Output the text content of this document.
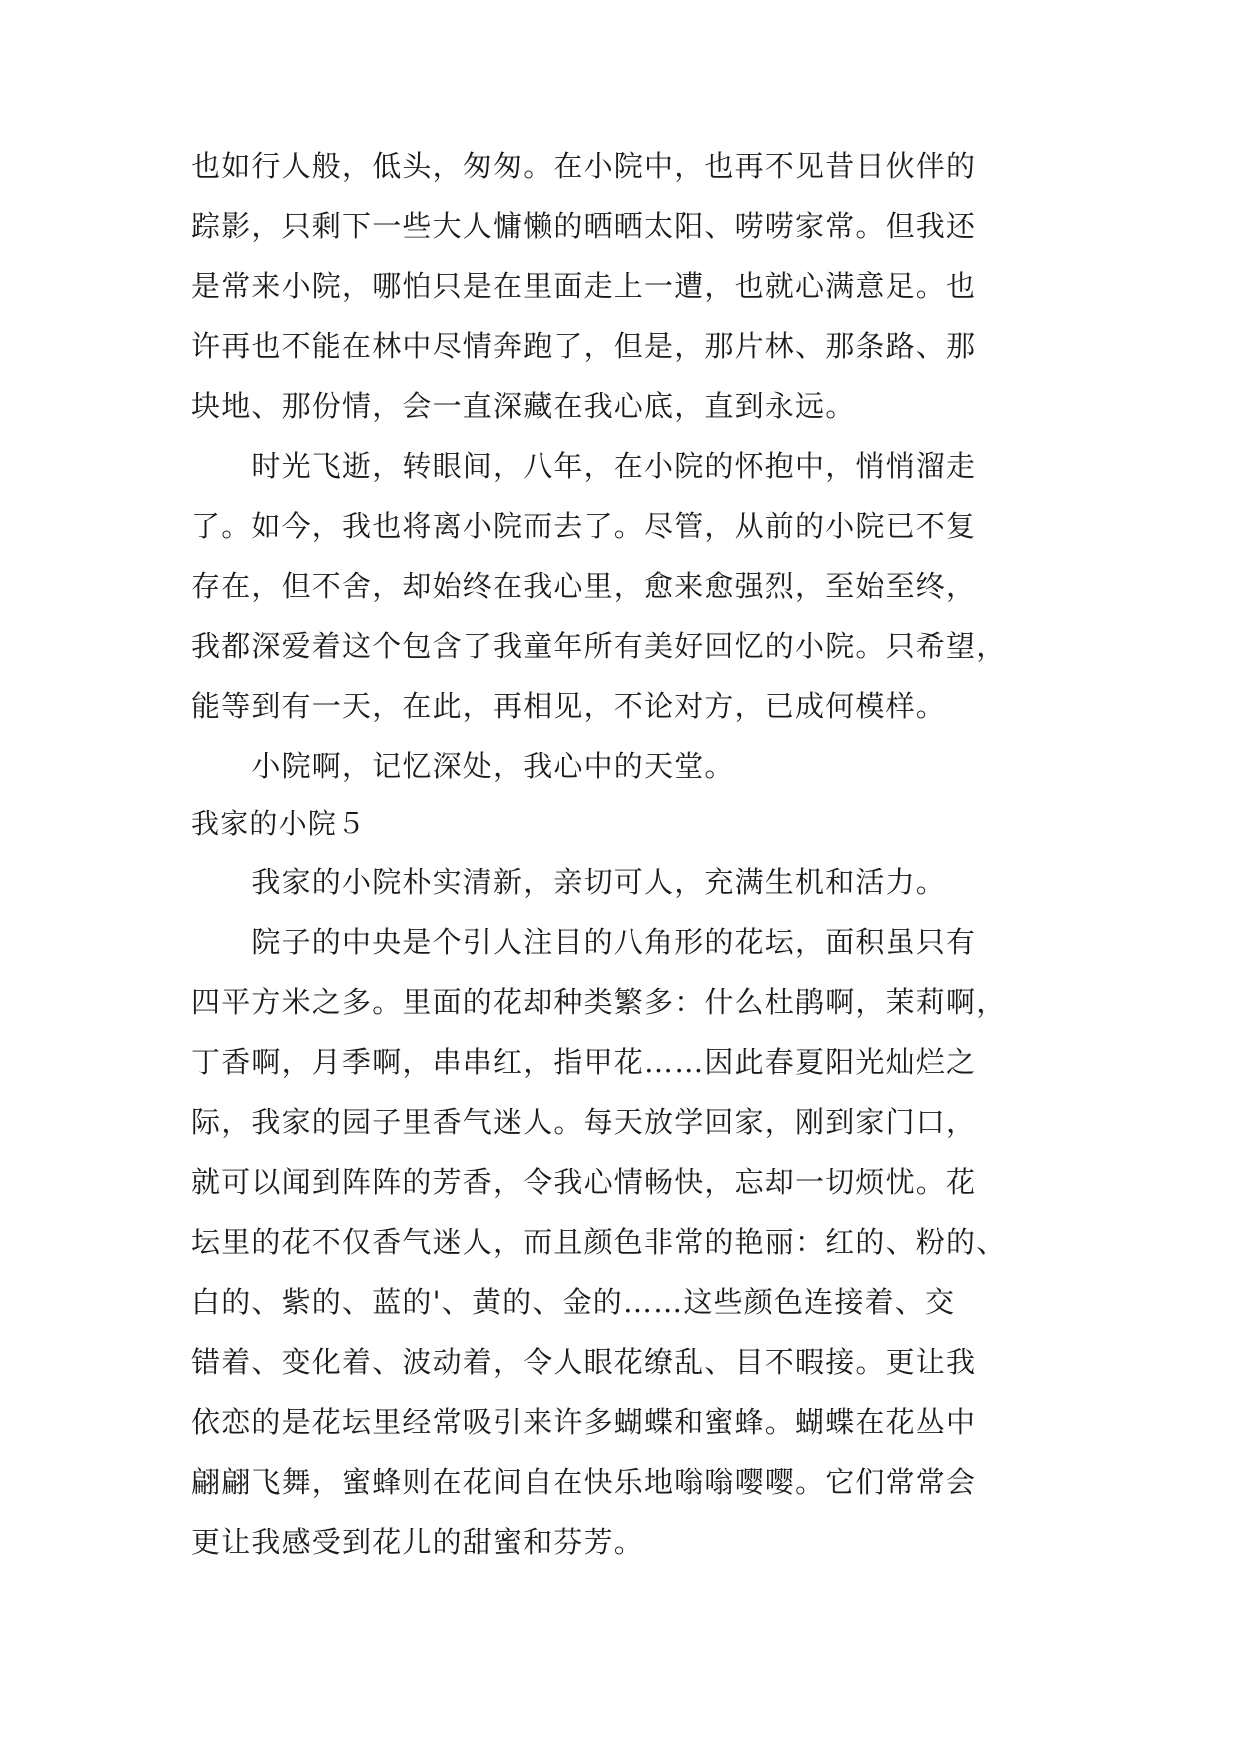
也如行人般，低头，匆匆。在小院中，也再不见昔日伙伴的
踪影，只剩下一些大人慵懒的晒晒太阳、唠唠家常。但我还
是常来小院，哪怕只是在里面走上一遭，也就心满意足。也
许再也不能在林中尽情奔跑了，但是，那片林、那条路、那
块地、那份情，会一直深藏在我心底，直到永远。
　　时光飞逝，转眼间，八年，在小院的怀抱中，悄悄溜走
了。如今，我也将离小院而去了。尽管，从前的小院已不复
存在，但不舍，却始终在我心里，愈来愈强烈，至始至终，
我都深爱着这个包含了我童年所有美好回忆的小院。只希望，
能等到有一天，在此，再相见，不论对方，已成何模样。
　　小院啊，记忆深处，我心中的天堂。
我家的小院５
　　我家的小院朴实清新，亲切可人，充满生机和活力。
　　院子的中央是个引人注目的八角形的花坛，面积虽只有
四平方米之多。里面的花却种类繁多：什么杜鹃啊，茉莉啊，
丁香啊，月季啊，串串红，指甲花……因此春夏阳光灿烂之
际，我家的园子里香气迷人。每天放学回家，刚到家门口，
就可以闻到阵阵的芳香，令我心情畅快，忘却一切烦忧。花
坛里的花不仅香气迷人，而且颜色非常的艳丽：红的、粉的、
白的、紫的、蓝的'、黄的、金的……这些颜色连接着、交
错着、变化着、波动着，令人眼花缭乱、目不暇接。更让我
依恋的是花坛里经常吸引来许多蝴蝶和蜜蜂。蝴蝶在花丛中
翩翩飞舞，蜜蜂则在花间自在快乐地嗡嗡嘤嘤。它们常常会
更让我感受到花儿的甜蜜和芬芳。
